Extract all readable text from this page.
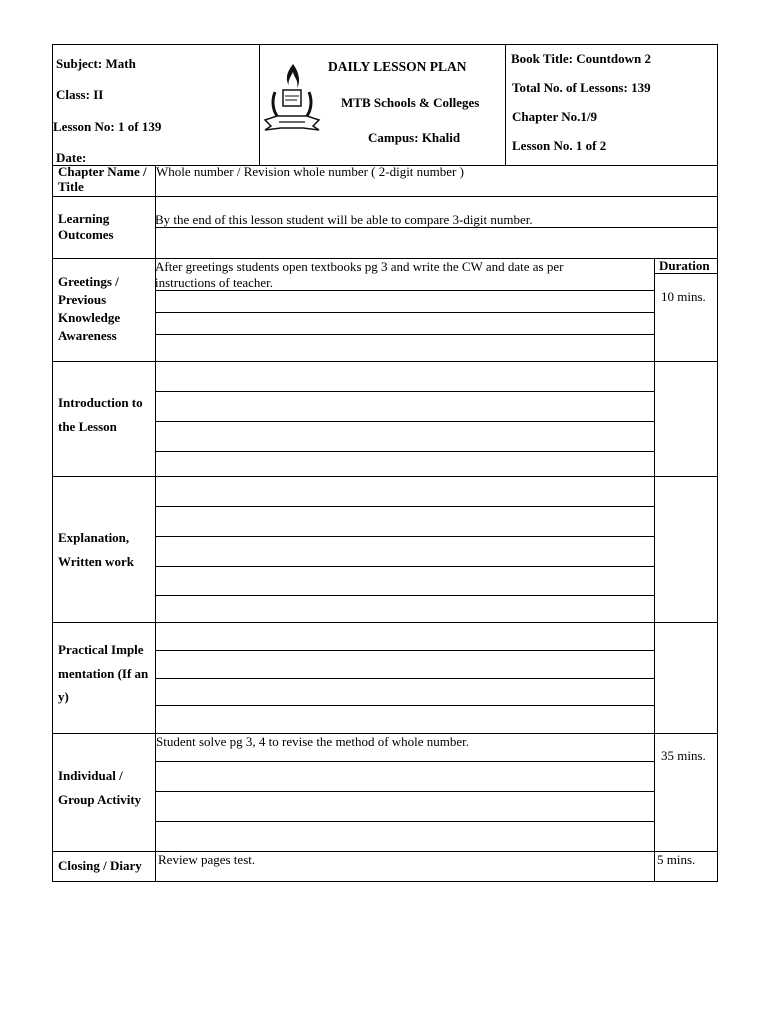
Subject: Math
Class: II
Lesson No: 1 of 139
Date:
DAILY LESSON PLAN
MTB Schools & Colleges
Campus: Khalid
Book Title: Countdown 2
Total No. of Lessons: 139
Chapter No.1/9
Lesson No. 1 of 2
Chapter Name / Title
Learning Outcomes
Greetings / Previous Knowledge Awareness
Introduction to the Lesson
Explanation, Written work
Practical Implementation (If any)
Individual / Group Activity
Closing / Diary
Whole number / Revision whole number ( 2-digit number )
By the end of this lesson student will be able to compare 3-digit number.
After greetings students open textbooks pg 3 and write the CW and date as per instructions of teacher.
Duration
10 mins.
Student solve pg 3, 4 to revise the method of whole number.
35 mins.
Review pages test.	5 mins.
